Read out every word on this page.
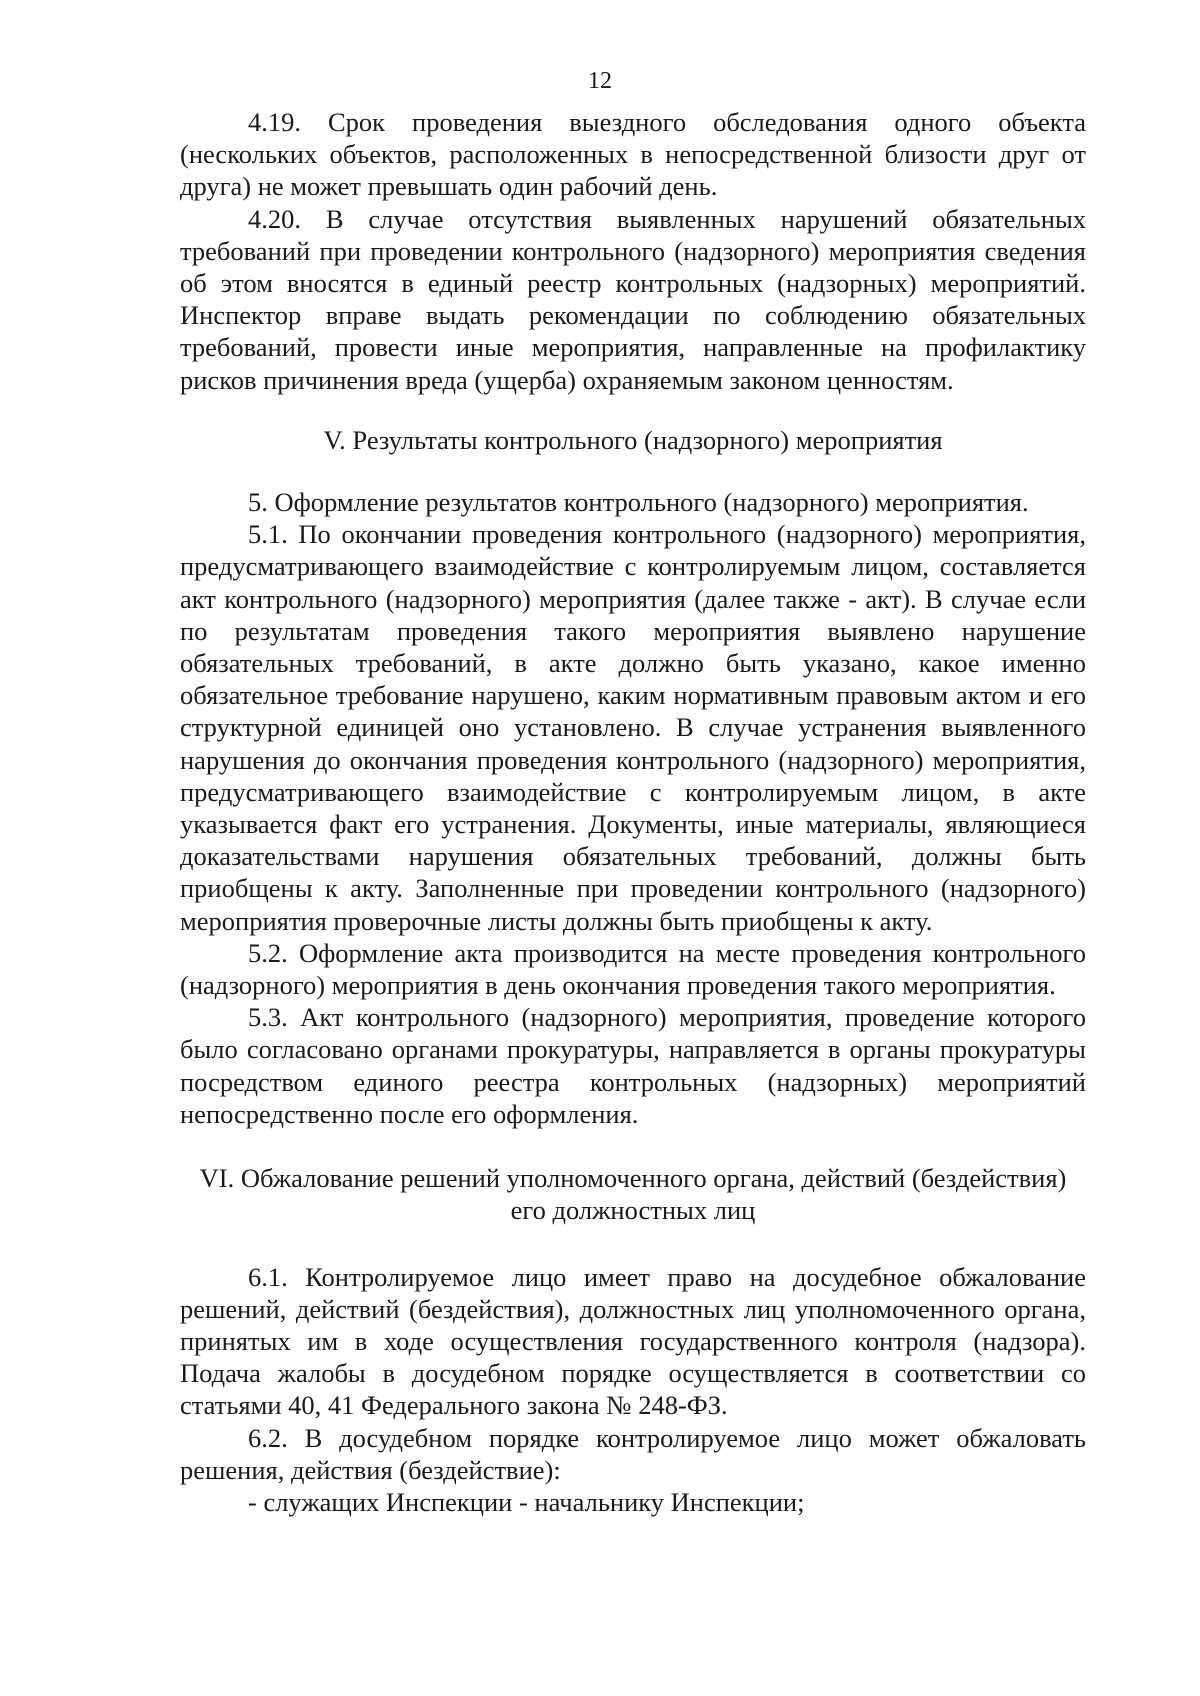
12

4.19. Срок проведения выездного обследования одного объекта (нескольких объектов, расположенных в непосредственной близости друг от друга) не может превышать один рабочий день.

4.20. В случае отсутствия выявленных нарушений обязательных требований при проведении контрольного (надзорного) мероприятия сведения об этом вносятся в единый реестр контрольных (надзорных) мероприятий. Инспектор вправе выдать рекомендации по соблюдению обязательных требований, провести иные мероприятия, направленные на профилактику рисков причинения вреда (ущерба) охраняемым законом ценностям.

V. Результаты контрольного (надзорного) мероприятия

5. Оформление результатов контрольного (надзорного) мероприятия.

5.1. По окончании проведения контрольного (надзорного) мероприятия, предусматривающего взаимодействие с контролируемым лицом, составляется акт контрольного (надзорного) мероприятия (далее также - акт). В случае если по результатам проведения такого мероприятия выявлено нарушение обязательных требований, в акте должно быть указано, какое именно обязательное требование нарушено, каким нормативным правовым актом и его структурной единицей оно установлено. В случае устранения выявленного нарушения до окончания проведения контрольного (надзорного) мероприятия, предусматривающего взаимодействие с контролируемым лицом, в акте указывается факт его устранения. Документы, иные материалы, являющиеся доказательствами нарушения обязательных требований, должны быть приобщены к акту. Заполненные при проведении контрольного (надзорного) мероприятия проверочные листы должны быть приобщены к акту.

5.2. Оформление акта производится на месте проведения контрольного (надзорного) мероприятия в день окончания проведения такого мероприятия.

5.3. Акт контрольного (надзорного) мероприятия, проведение которого было согласовано органами прокуратуры, направляется в органы прокуратуры посредством единого реестра контрольных (надзорных) мероприятий непосредственно после его оформления.

VI. Обжалование решений уполномоченного органа, действий (бездействия)

его должностных лиц

6.1. Контролируемое лицо имеет право на досудебное обжалование решений, действий (бездействия), должностных лиц уполномоченного органа, принятых им в ходе осуществления государственного контроля (надзора). Подача жалобы в досудебном порядке осуществляется в соответствии со статьями 40, 41 Федерального закона № 248-ФЗ.

6.2. В досудебном порядке контролируемое лицо может обжаловать решения, действия (бездействие):

- служащих Инспекции - начальнику Инспекции;
